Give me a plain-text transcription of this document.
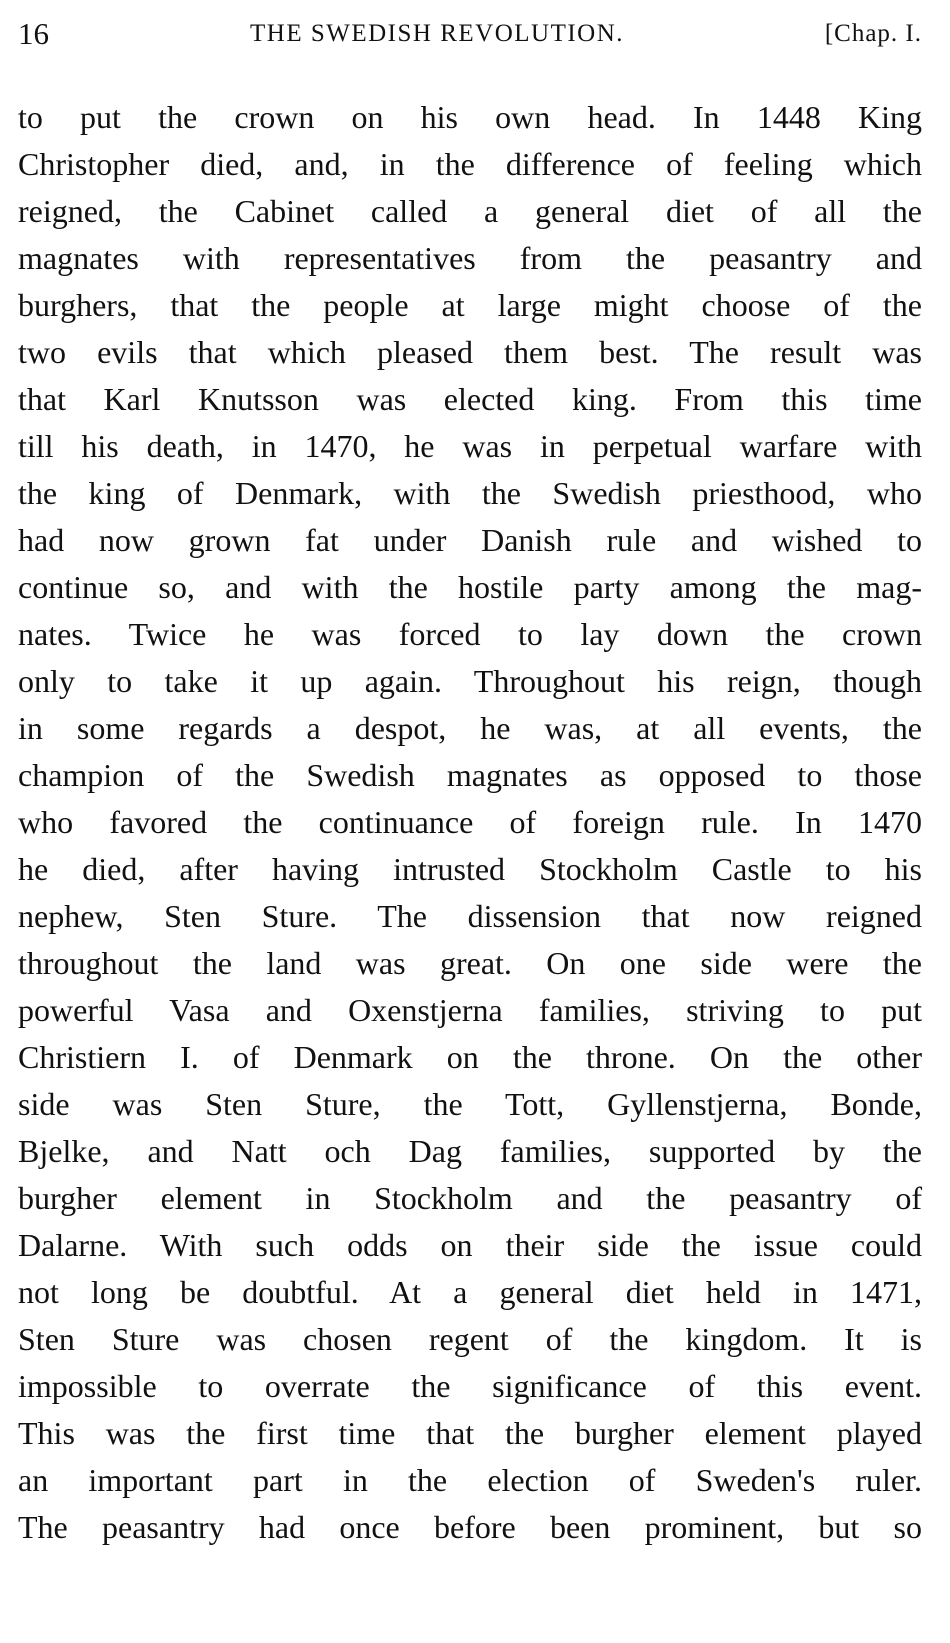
16	THE SWEDISH REVOLUTION.	[Chap. I.
to put the crown on his own head. In 1448 King
Christopher died, and, in the difference of feeling which
reigned, the Cabinet called a general diet of all the
magnates with representatives from the peasantry and
burghers, that the people at large might choose of the
two evils that which pleased them best. The result was
that Karl Knutsson was elected king. From this time
till his death, in 1470, he was in perpetual warfare with
the king of Denmark, with the Swedish priesthood, who
had now grown fat under Danish rule and wished to
continue so, and with the hostile party among the mag-
nates. Twice he was forced to lay down the crown
only to take it up again. Throughout his reign, though
in some regards a despot, he was, at all events, the
champion of the Swedish magnates as opposed to those
who favored the continuance of foreign rule. In 1470
he died, after having intrusted Stockholm Castle to his
nephew, Sten Sture. The dissension that now reigned
throughout the land was great. On one side were the
powerful Vasa and Oxenstjerna families, striving to put
Christiern I. of Denmark on the throne. On the other
side was Sten Sture, the Tott, Gyllenstjerna, Bonde,
Bjelke, and Natt och Dag families, supported by the
burgher element in Stockholm and the peasantry of
Dalarne. With such odds on their side the issue could
not long be doubtful. At a general diet held in 1471,
Sten Sture was chosen regent of the kingdom. It is
impossible to overrate the significance of this event.
This was the first time that the burgher element played
an important part in the election of Sweden's ruler.
The peasantry had once before been prominent, but so
